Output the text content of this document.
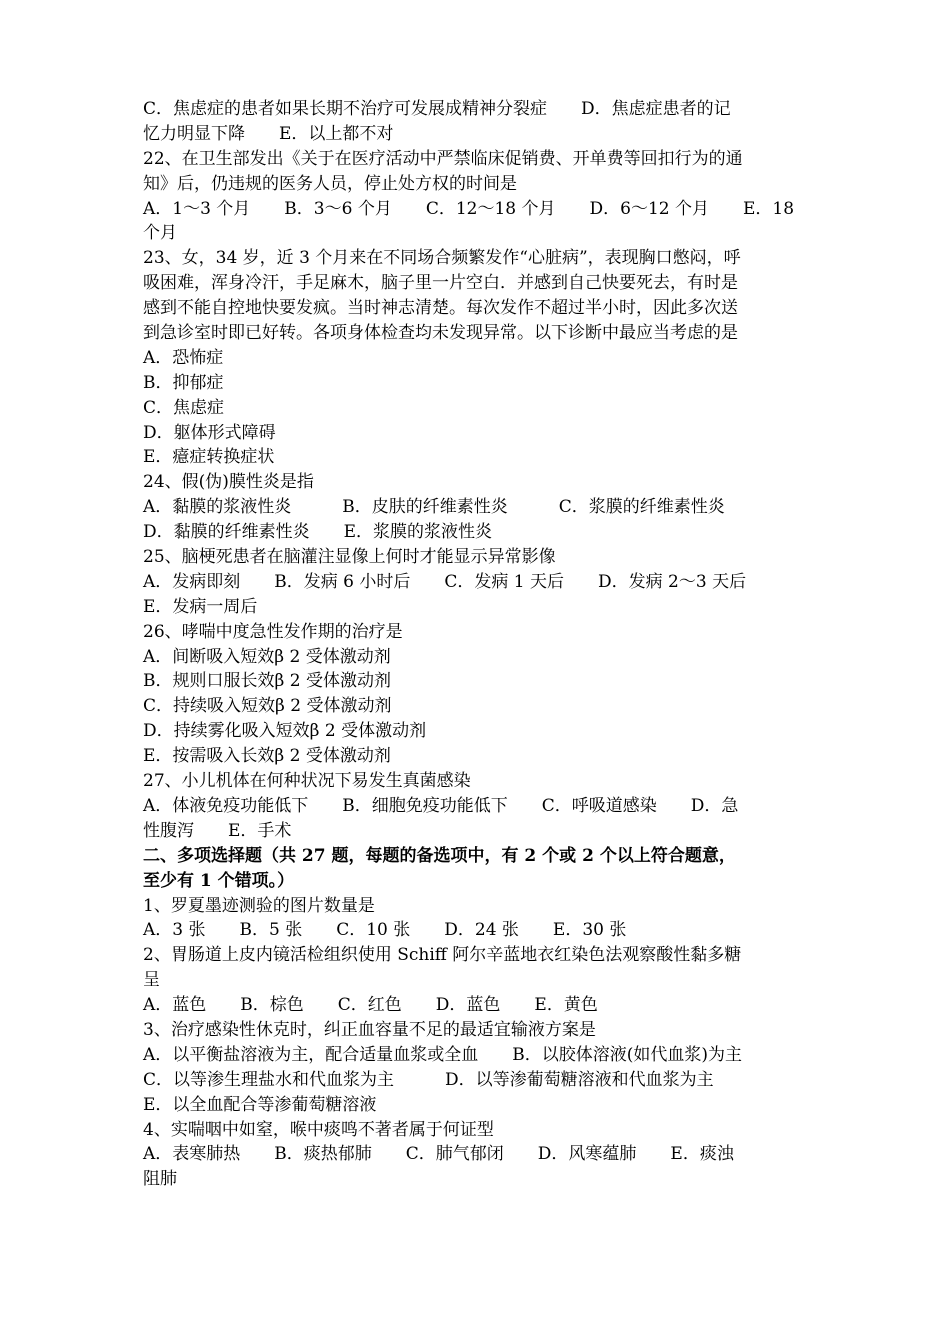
C．焦虑症的患者如果长期不治疗可发展成精神分裂症　　D．焦虑症患者的记
忆力明显下降　　E．以上都不对
22、在卫生部发出《关于在医疗活动中严禁临床促销费、开单费等回扣行为的通
知》后，仍违规的医务人员，停止处方权的时间是
A．1～3 个月　　B．3～6 个月　　C．12～18 个月　　D．6～12 个月　　E．18
个月
23、女，34 岁，近 3 个月来在不同场合频繁发作“心脏病”，表现胸口憋闷，呼
吸困难，浑身冷汗，手足麻木，脑子里一片空白．并感到自己快要死去，有时是
感到不能自控地快要发疯。当时神志清楚。每次发作不超过半小时，因此多次送
到急诊室时即已好转。各项身体检查均未发现异常。以下诊断中最应当考虑的是
A．恐怖症
B．抑郁症
C．焦虑症
D．躯体形式障碍
E．癔症转换症状
24、假(伪)膜性炎是指
A．黏膜的浆液性炎　　　B．皮肤的纤维素性炎　　　C．浆膜的纤维素性炎
D．黏膜的纤维素性炎　　E．浆膜的浆液性炎
25、脑梗死患者在脑灌注显像上何时才能显示异常影像
A．发病即刻　　B．发病 6 小时后　　C．发病 1 天后　　D．发病 2～3 天后
E．发病一周后
26、哮喘中度急性发作期的治疗是
A．间断吸入短效β 2 受体激动剂
B．规则口服长效β 2 受体激动剂
C．持续吸入短效β 2 受体激动剂
D．持续雾化吸入短效β 2 受体激动剂
E．按需吸入长效β 2 受体激动剂
27、小儿机体在何种状况下易发生真菌感染
A．体液免疫功能低下　　B．细胞免疫功能低下　　C．呼吸道感染　　D．急
性腹泻　　E．手术
二、多项选择题（共 27 题，每题的备选项中，有 2 个或 2 个以上符合题意，
至少有 1 个错项。）
1、罗夏墨迹测验的图片数量是
A．3 张　　B．5 张　　C．10 张　　D．24 张　　E．30 张
2、胃肠道上皮内镜活检组织使用 Schiff 阿尔辛蓝地衣红染色法观察酸性黏多糖
呈
A．蓝色　　B．棕色　　C．红色　　D．蓝色　　E．黄色
3、治疗感染性休克时，纠正血容量不足的最适宜输液方案是
A．以平衡盐溶液为主，配合适量血浆或全血　　B．以胶体溶液(如代血浆)为主
C．以等渗生理盐水和代血浆为主　　　D．以等渗葡萄糖溶液和代血浆为主
E．以全血配合等渗葡萄糖溶液
4、实喘咽中如窒，喉中痰鸣不著者属于何证型
A．表寒肺热　　B．痰热郁肺　　C．肺气郁闭　　D．风寒蕴肺　　E．痰浊
阻肺
